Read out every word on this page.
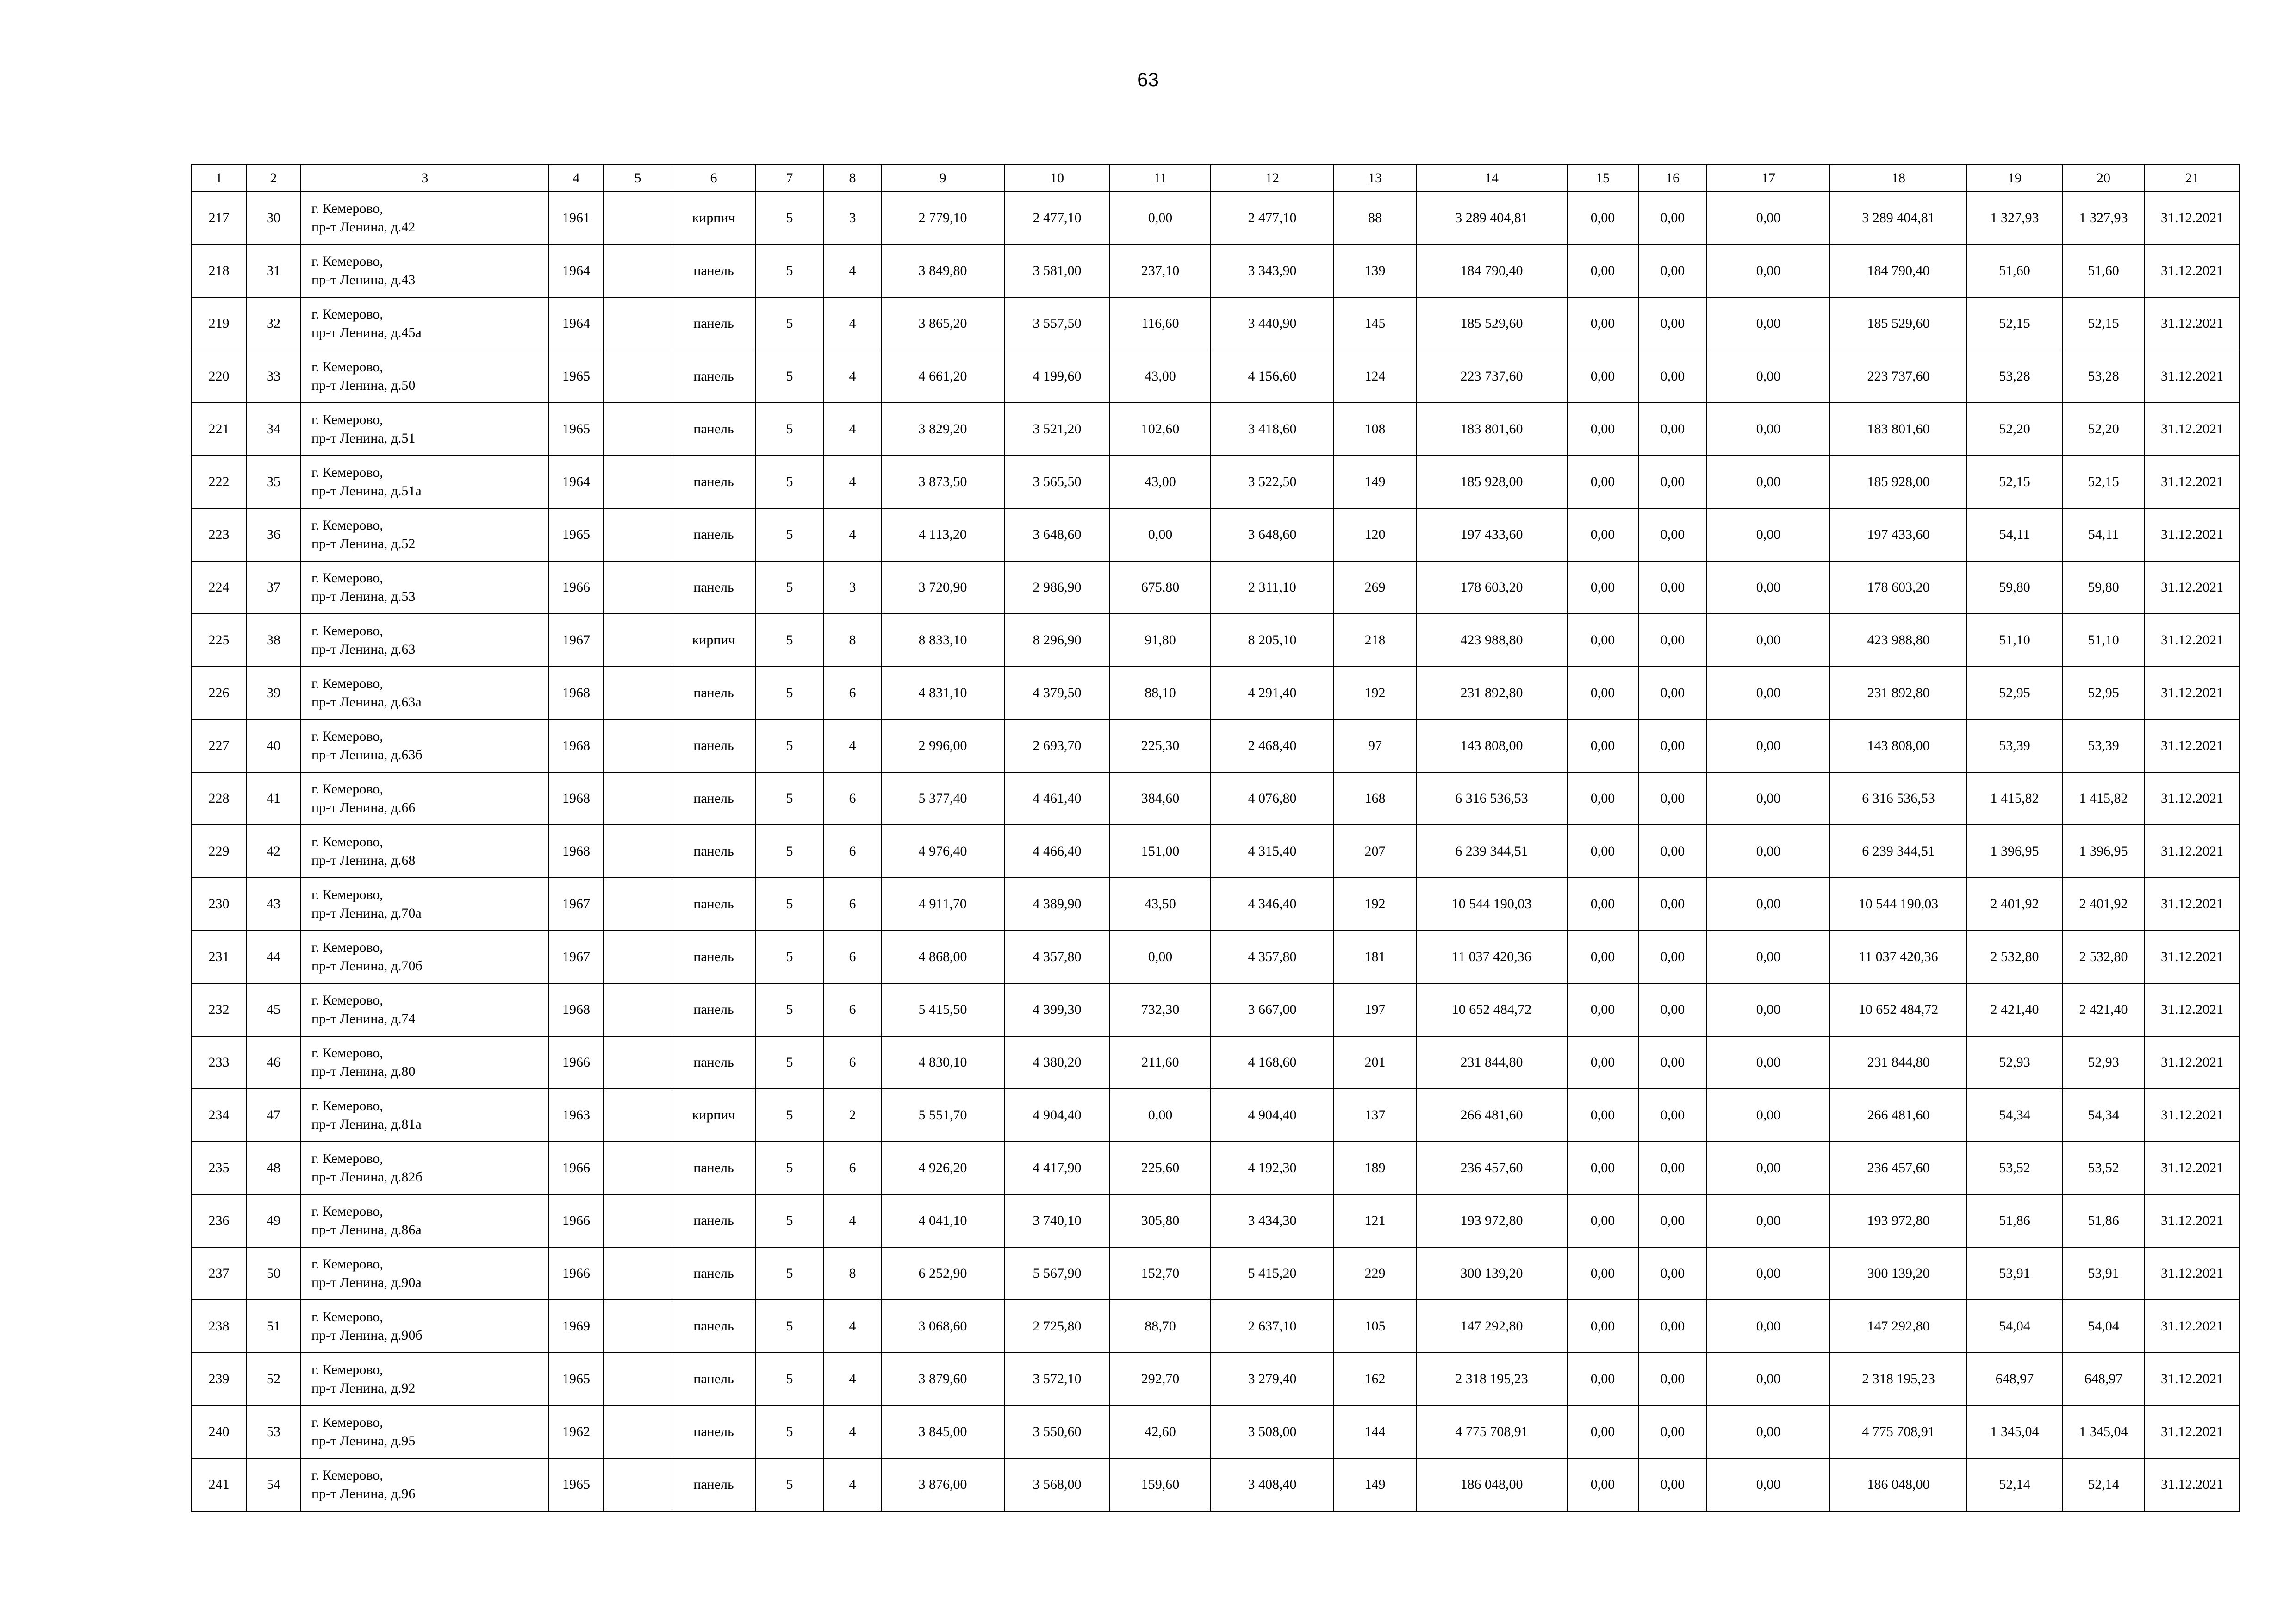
63
1	2	3	4	5	6	7	8	9	10	11	12	13	14	15	16	17	18	19	20	21
217	30	г. Кемерово,
пр-т Ленина, д.42	1961		кирпич	5	3	2 779,10	2 477,10	0,00	2 477,10	88	3 289 404,81	0,00	0,00	0,00	3 289 404,81	1 327,93	1 327,93	31.12.2021
218	31	г. Кемерово,
пр-т Ленина, д.43	1964		панель	5	4	3 849,80	3 581,00	237,10	3 343,90	139	184 790,40	0,00	0,00	0,00	184 790,40	51,60	51,60	31.12.2021
219	32	г. Кемерово,
пр-т Ленина, д.45а	1964		панель	5	4	3 865,20	3 557,50	116,60	3 440,90	145	185 529,60	0,00	0,00	0,00	185 529,60	52,15	52,15	31.12.2021
220	33	г. Кемерово,
пр-т Ленина, д.50	1965		панель	5	4	4 661,20	4 199,60	43,00	4 156,60	124	223 737,60	0,00	0,00	0,00	223 737,60	53,28	53,28	31.12.2021
221	34	г. Кемерово,
пр-т Ленина, д.51	1965		панель	5	4	3 829,20	3 521,20	102,60	3 418,60	108	183 801,60	0,00	0,00	0,00	183 801,60	52,20	52,20	31.12.2021
222	35	г. Кемерово,
пр-т Ленина, д.51а	1964		панель	5	4	3 873,50	3 565,50	43,00	3 522,50	149	185 928,00	0,00	0,00	0,00	185 928,00	52,15	52,15	31.12.2021
223	36	г. Кемерово,
пр-т Ленина, д.52	1965		панель	5	4	4 113,20	3 648,60	0,00	3 648,60	120	197 433,60	0,00	0,00	0,00	197 433,60	54,11	54,11	31.12.2021
224	37	г. Кемерово,
пр-т Ленина, д.53	1966		панель	5	3	3 720,90	2 986,90	675,80	2 311,10	269	178 603,20	0,00	0,00	0,00	178 603,20	59,80	59,80	31.12.2021
225	38	г. Кемерово,
пр-т Ленина, д.63	1967		кирпич	5	8	8 833,10	8 296,90	91,80	8 205,10	218	423 988,80	0,00	0,00	0,00	423 988,80	51,10	51,10	31.12.2021
226	39	г. Кемерово,
пр-т Ленина, д.63а	1968		панель	5	6	4 831,10	4 379,50	88,10	4 291,40	192	231 892,80	0,00	0,00	0,00	231 892,80	52,95	52,95	31.12.2021
227	40	г. Кемерово,
пр-т Ленина, д.63б	1968		панель	5	4	2 996,00	2 693,70	225,30	2 468,40	97	143 808,00	0,00	0,00	0,00	143 808,00	53,39	53,39	31.12.2021
228	41	г. Кемерово,
пр-т Ленина, д.66	1968		панель	5	6	5 377,40	4 461,40	384,60	4 076,80	168	6 316 536,53	0,00	0,00	0,00	6 316 536,53	1 415,82	1 415,82	31.12.2021
229	42	г. Кемерово,
пр-т Ленина, д.68	1968		панель	5	6	4 976,40	4 466,40	151,00	4 315,40	207	6 239 344,51	0,00	0,00	0,00	6 239 344,51	1 396,95	1 396,95	31.12.2021
230	43	г. Кемерово,
пр-т Ленина, д.70а	1967		панель	5	6	4 911,70	4 389,90	43,50	4 346,40	192	10 544 190,03	0,00	0,00	0,00	10 544 190,03	2 401,92	2 401,92	31.12.2021
231	44	г. Кемерово,
пр-т Ленина, д.70б	1967		панель	5	6	4 868,00	4 357,80	0,00	4 357,80	181	11 037 420,36	0,00	0,00	0,00	11 037 420,36	2 532,80	2 532,80	31.12.2021
232	45	г. Кемерово,
пр-т Ленина, д.74	1968		панель	5	6	5 415,50	4 399,30	732,30	3 667,00	197	10 652 484,72	0,00	0,00	0,00	10 652 484,72	2 421,40	2 421,40	31.12.2021
233	46	г. Кемерово,
пр-т Ленина, д.80	1966		панель	5	6	4 830,10	4 380,20	211,60	4 168,60	201	231 844,80	0,00	0,00	0,00	231 844,80	52,93	52,93	31.12.2021
234	47	г. Кемерово,
пр-т Ленина, д.81а	1963		кирпич	5	2	5 551,70	4 904,40	0,00	4 904,40	137	266 481,60	0,00	0,00	0,00	266 481,60	54,34	54,34	31.12.2021
235	48	г. Кемерово,
пр-т Ленина, д.82б	1966		панель	5	6	4 926,20	4 417,90	225,60	4 192,30	189	236 457,60	0,00	0,00	0,00	236 457,60	53,52	53,52	31.12.2021
236	49	г. Кемерово,
пр-т Ленина, д.86а	1966		панель	5	4	4 041,10	3 740,10	305,80	3 434,30	121	193 972,80	0,00	0,00	0,00	193 972,80	51,86	51,86	31.12.2021
237	50	г. Кемерово,
пр-т Ленина, д.90а	1966		панель	5	8	6 252,90	5 567,90	152,70	5 415,20	229	300 139,20	0,00	0,00	0,00	300 139,20	53,91	53,91	31.12.2021
238	51	г. Кемерово,
пр-т Ленина, д.90б	1969		панель	5	4	3 068,60	2 725,80	88,70	2 637,10	105	147 292,80	0,00	0,00	0,00	147 292,80	54,04	54,04	31.12.2021
239	52	г. Кемерово,
пр-т Ленина, д.92	1965		панель	5	4	3 879,60	3 572,10	292,70	3 279,40	162	2 318 195,23	0,00	0,00	0,00	2 318 195,23	648,97	648,97	31.12.2021
240	53	г. Кемерово,
пр-т Ленина, д.95	1962		панель	5	4	3 845,00	3 550,60	42,60	3 508,00	144	4 775 708,91	0,00	0,00	0,00	4 775 708,91	1 345,04	1 345,04	31.12.2021
241	54	г. Кемерово,
пр-т Ленина, д.96	1965		панель	5	4	3 876,00	3 568,00	159,60	3 408,40	149	186 048,00	0,00	0,00	0,00	186 048,00	52,14	52,14	31.12.2021
